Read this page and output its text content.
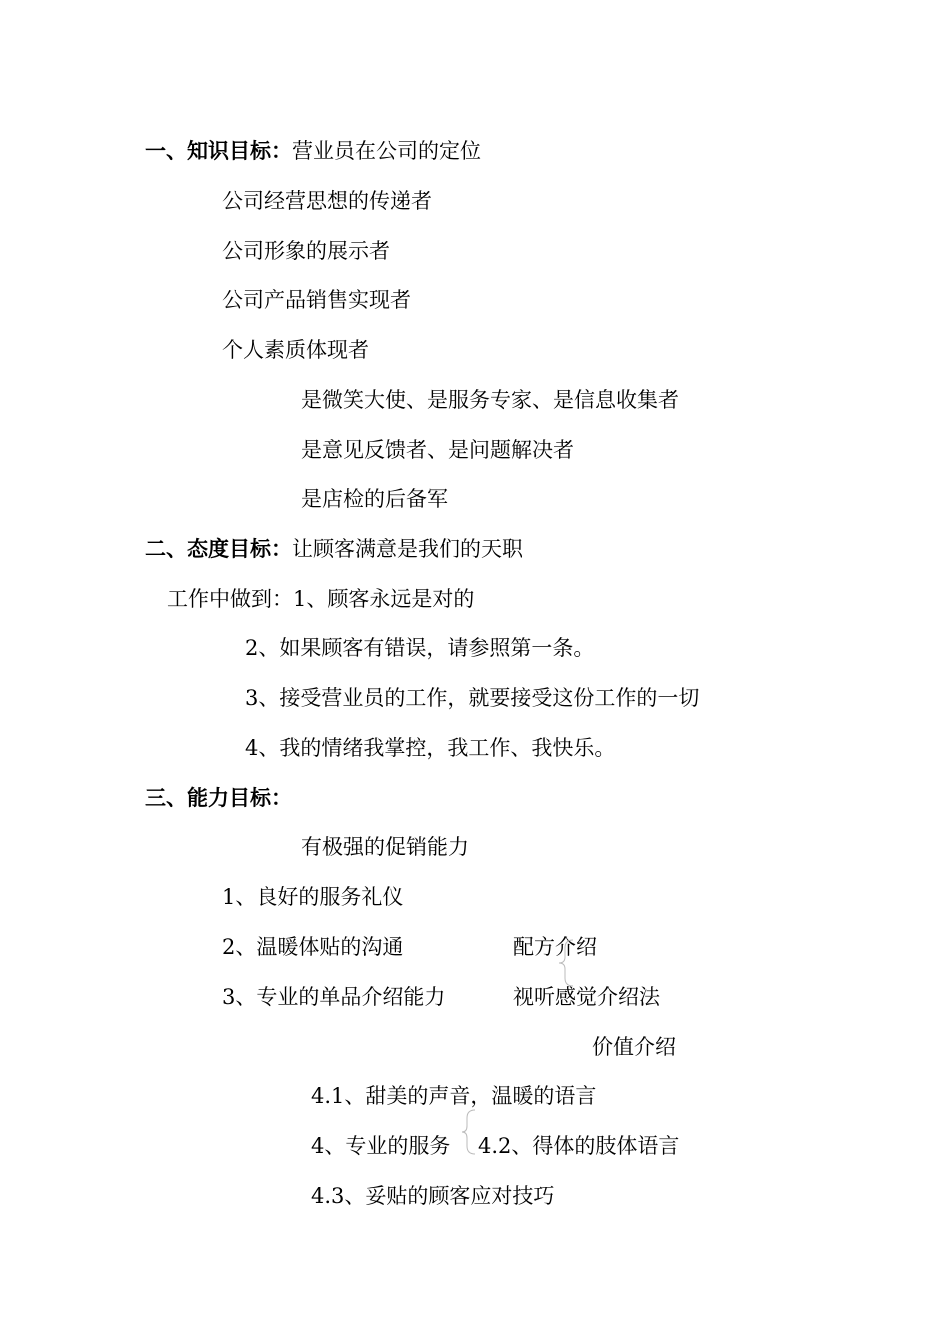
一、知识目标：营业员在公司的定位
公司经营思想的传递者
公司形象的展示者
公司产品销售实现者
个人素质体现者
是微笑大使、是服务专家、是信息收集者
是意见反馈者、是问题解决者
是店检的后备军
二、态度目标：让顾客满意是我们的天职
工作中做到：1、顾客永远是对的
2、如果顾客有错误，请参照第一条。
3、接受营业员的工作，就要接受这份工作的一切
4、我的情绪我掌控，我工作、我快乐。
三、能力目标：
有极强的促销能力
1、良好的服务礼仪
2、温暖体贴的沟通
3、专业的单品介绍能力
配方介绍
视听感觉介绍法
价值介绍
4.1、甜美的声音，温暖的语言
4、专业的服务 4.2、得体的肢体语言
4.3、妥贴的顾客应对技巧
